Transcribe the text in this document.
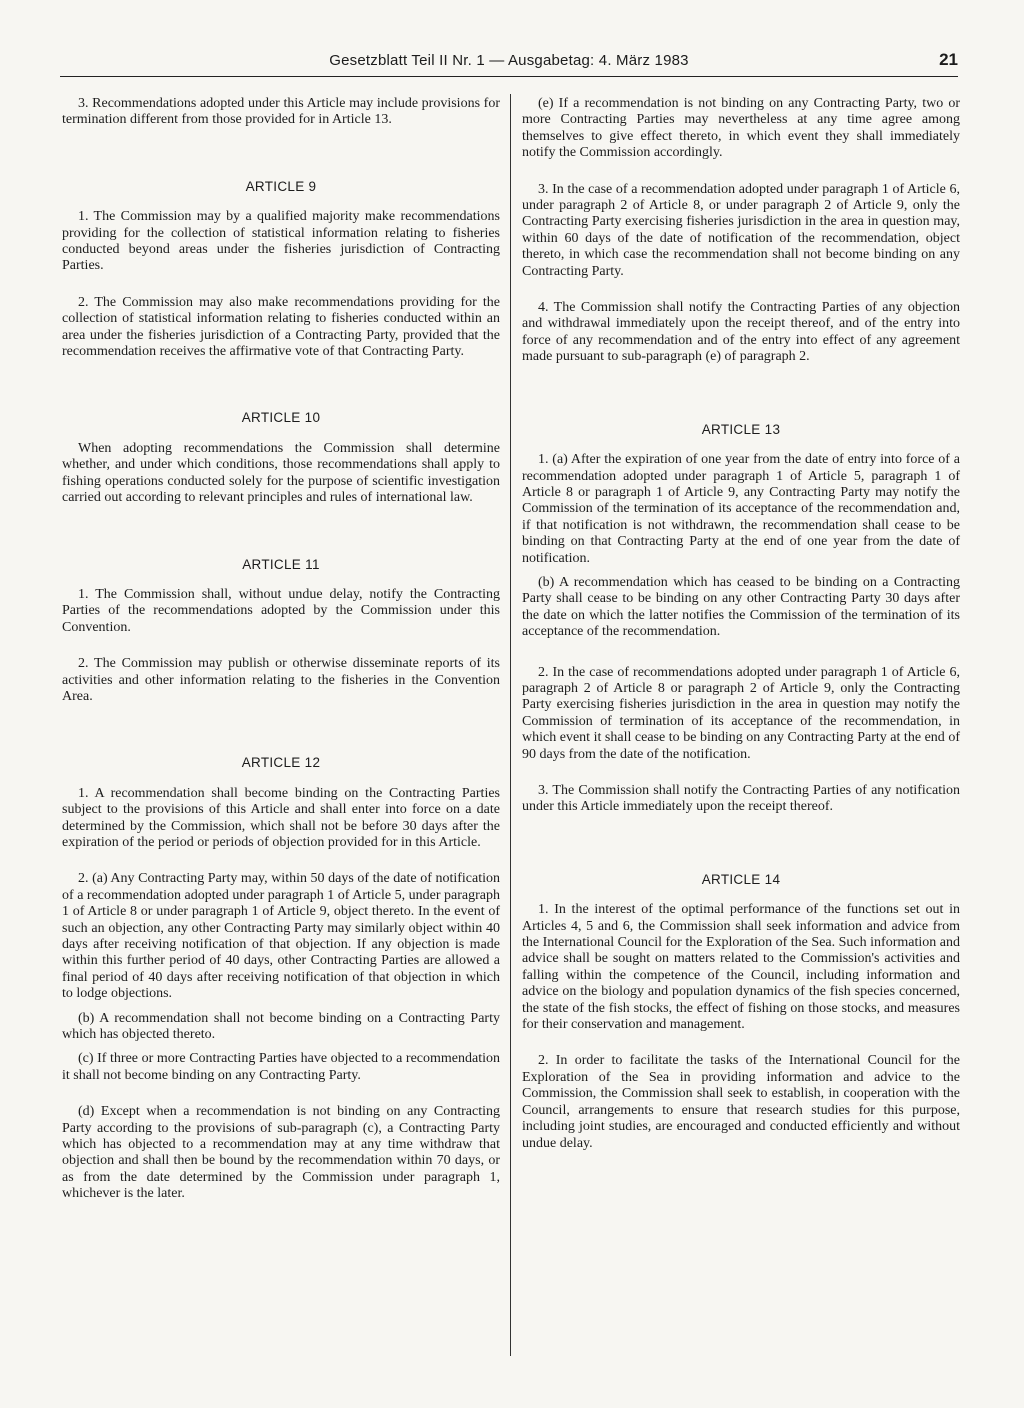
Gesetzblatt Teil II Nr. 1 — Ausgabetag: 4. März 1983	21

3. Recommendations adopted under this Article may include provisions for termination different from those provided for in Article 13.

ARTICLE 9

1. The Commission may by a qualified majority make recommendations providing for the collection of statistical information relating to fisheries conducted beyond areas under the fisheries jurisdiction of Contracting Parties.

2. The Commission may also make recommendations providing for the collection of statistical information relating to fisheries conducted within an area under the fisheries jurisdiction of a Contracting Party, provided that the recommendation receives the affirmative vote of that Contracting Party.

ARTICLE 10

When adopting recommendations the Commission shall determine whether, and under which conditions, those recommendations shall apply to fishing operations conducted solely for the purpose of scientific investigation carried out according to relevant principles and rules of international law.

ARTICLE 11

1. The Commission shall, without undue delay, notify the Contracting Parties of the recommendations adopted by the Commission under this Convention.

2. The Commission may publish or otherwise disseminate reports of its activities and other information relating to the fisheries in the Convention Area.

ARTICLE 12

1. A recommendation shall become binding on the Contracting Parties subject to the provisions of this Article and shall enter into force on a date determined by the Commission, which shall not be before 30 days after the expiration of the period or periods of objection provided for in this Article.

2. (a) Any Contracting Party may, within 50 days of the date of notification of a recommendation adopted under paragraph 1 of Article 5, under paragraph 1 of Article 8 or under paragraph 1 of Article 9, object thereto. In the event of such an objection, any other Contracting Party may similarly object within 40 days after receiving notification of that objection. If any objection is made within this further period of 40 days, other Contracting Parties are allowed a final period of 40 days after receiving notification of that objection in which to lodge objections.

(b) A recommendation shall not become binding on a Contracting Party which has objected thereto.

(c) If three or more Contracting Parties have objected to a recommendation it shall not become binding on any Contracting Party.

(d) Except when a recommendation is not binding on any Contracting Party according to the provisions of sub-paragraph (c), a Contracting Party which has objected to a recommendation may at any time withdraw that objection and shall then be bound by the recommendation within 70 days, or as from the date determined by the Commission under paragraph 1, whichever is the later.

(e) If a recommendation is not binding on any Contracting Party, two or more Contracting Parties may nevertheless at any time agree among themselves to give effect thereto, in which event they shall immediately notify the Commission accordingly.

3. In the case of a recommendation adopted under paragraph 1 of Article 6, under paragraph 2 of Article 8, or under paragraph 2 of Article 9, only the Contracting Party exercising fisheries jurisdiction in the area in question may, within 60 days of the date of notification of the recommendation, object thereto, in which case the recommendation shall not become binding on any Contracting Party.

4. The Commission shall notify the Contracting Parties of any objection and withdrawal immediately upon the receipt thereof, and of the entry into force of any recommendation and of the entry into effect of any agreement made pursuant to sub-paragraph (e) of paragraph 2.

ARTICLE 13

1. (a) After the expiration of one year from the date of entry into force of a recommendation adopted under paragraph 1 of Article 5, paragraph 1 of Article 8 or paragraph 1 of Article 9, any Contracting Party may notify the Commission of the termination of its acceptance of the recommendation and, if that notification is not withdrawn, the recommendation shall cease to be binding on that Contracting Party at the end of one year from the date of notification.

(b) A recommendation which has ceased to be binding on a Contracting Party shall cease to be binding on any other Contracting Party 30 days after the date on which the latter notifies the Commission of the termination of its acceptance of the recommendation.

2. In the case of recommendations adopted under paragraph 1 of Article 6, paragraph 2 of Article 8 or paragraph 2 of Article 9, only the Contracting Party exercising fisheries jurisdiction in the area in question may notify the Commission of termination of its acceptance of the recommendation, in which event it shall cease to be binding on any Contracting Party at the end of 90 days from the date of the notification.

3. The Commission shall notify the Contracting Parties of any notification under this Article immediately upon the receipt thereof.

ARTICLE 14

1. In the interest of the optimal performance of the functions set out in Articles 4, 5 and 6, the Commission shall seek information and advice from the International Council for the Exploration of the Sea. Such information and advice shall be sought on matters related to the Commission's activities and falling within the competence of the Council, including information and advice on the biology and population dynamics of the fish species concerned, the state of the fish stocks, the effect of fishing on those stocks, and measures for their conservation and management.

2. In order to facilitate the tasks of the International Council for the Exploration of the Sea in providing information and advice to the Commission, the Commission shall seek to establish, in cooperation with the Council, arrangements to ensure that research studies for this purpose, including joint studies, are encouraged and conducted efficiently and without undue delay.
